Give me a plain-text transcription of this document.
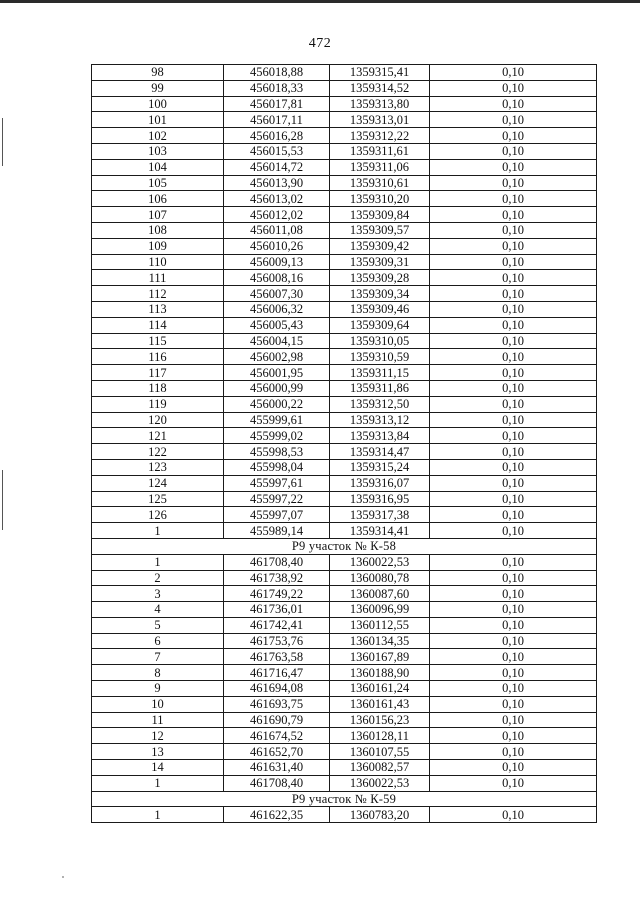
472
98	456018,88	1359315,41	0,10
99	456018,33	1359314,52	0,10
100	456017,81	1359313,80	0,10
101	456017,11	1359313,01	0,10
102	456016,28	1359312,22	0,10
103	456015,53	1359311,61	0,10
104	456014,72	1359311,06	0,10
105	456013,90	1359310,61	0,10
106	456013,02	1359310,20	0,10
107	456012,02	1359309,84	0,10
108	456011,08	1359309,57	0,10
109	456010,26	1359309,42	0,10
110	456009,13	1359309,31	0,10
111	456008,16	1359309,28	0,10
112	456007,30	1359309,34	0,10
113	456006,32	1359309,46	0,10
114	456005,43	1359309,64	0,10
115	456004,15	1359310,05	0,10
116	456002,98	1359310,59	0,10
117	456001,95	1359311,15	0,10
118	456000,99	1359311,86	0,10
119	456000,22	1359312,50	0,10
120	455999,61	1359313,12	0,10
121	455999,02	1359313,84	0,10
122	455998,53	1359314,47	0,10
123	455998,04	1359315,24	0,10
124	455997,61	1359316,07	0,10
125	455997,22	1359316,95	0,10
126	455997,07	1359317,38	0,10
1	455989,14	1359314,41	0,10
Р9 участок № К-58			
1	461708,40	1360022,53	0,10
2	461738,92	1360080,78	0,10
3	461749,22	1360087,60	0,10
4	461736,01	1360096,99	0,10
5	461742,41	1360112,55	0,10
6	461753,76	1360134,35	0,10
7	461763,58	1360167,89	0,10
8	461716,47	1360188,90	0,10
9	461694,08	1360161,24	0,10
10	461693,75	1360161,43	0,10
11	461690,79	1360156,23	0,10
12	461674,52	1360128,11	0,10
13	461652,70	1360107,55	0,10
14	461631,40	1360082,57	0,10
1	461708,40	1360022,53	0,10
Р9 участок № К-59			
1	461622,35	1360783,20	0,10
